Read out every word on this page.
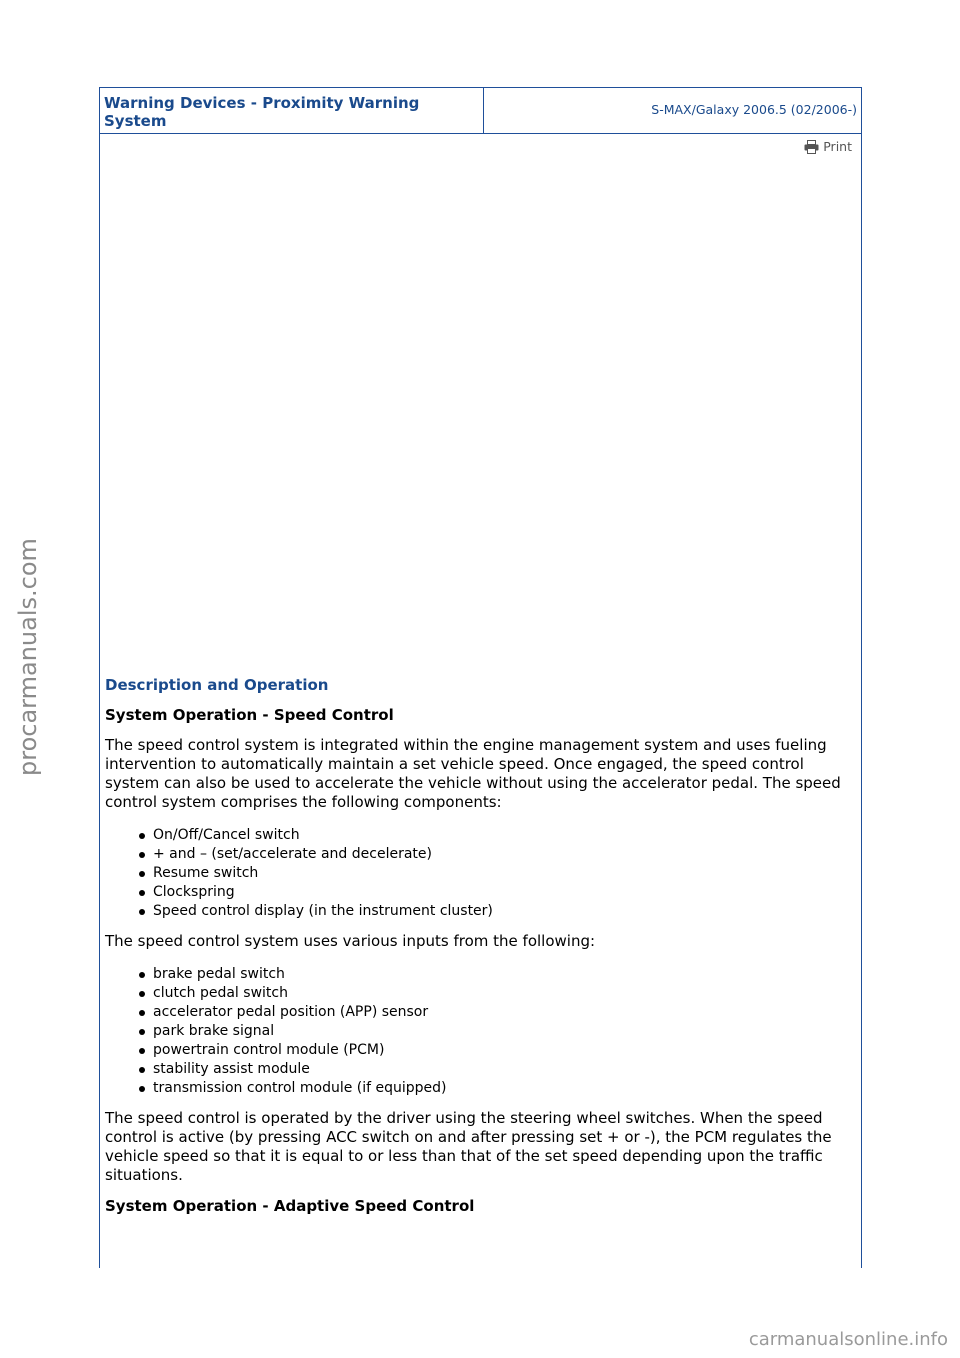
procarmanuals.com
Warning Devices - Proximity Warning System
S-MAX/Galaxy 2006.5 (02/2006-)
Print
Description and Operation
System Operation - Speed Control

The speed control system is integrated within the engine management system and uses fueling intervention to automatically maintain a set vehicle speed. Once engaged, the speed control system can also be used to accelerate the vehicle without using the accelerator pedal. The speed control system comprises the following components:

On/Off/Cancel switch
+ and – (set/accelerate and decelerate)
Resume switch
Clockspring
Speed control display (in the instrument cluster)

The speed control system uses various inputs from the following:

brake pedal switch
clutch pedal switch
accelerator pedal position (APP) sensor
park brake signal
powertrain control module (PCM)
stability assist module
transmission control module (if equipped)

The speed control is operated by the driver using the steering wheel switches. When the speed control is active (by pressing ACC switch on and after pressing set + or -), the PCM regulates the vehicle speed so that it is equal to or less than that of the set speed depending upon the traffic situations.

System Operation - Adaptive Speed Control
carmanualsonline.info
